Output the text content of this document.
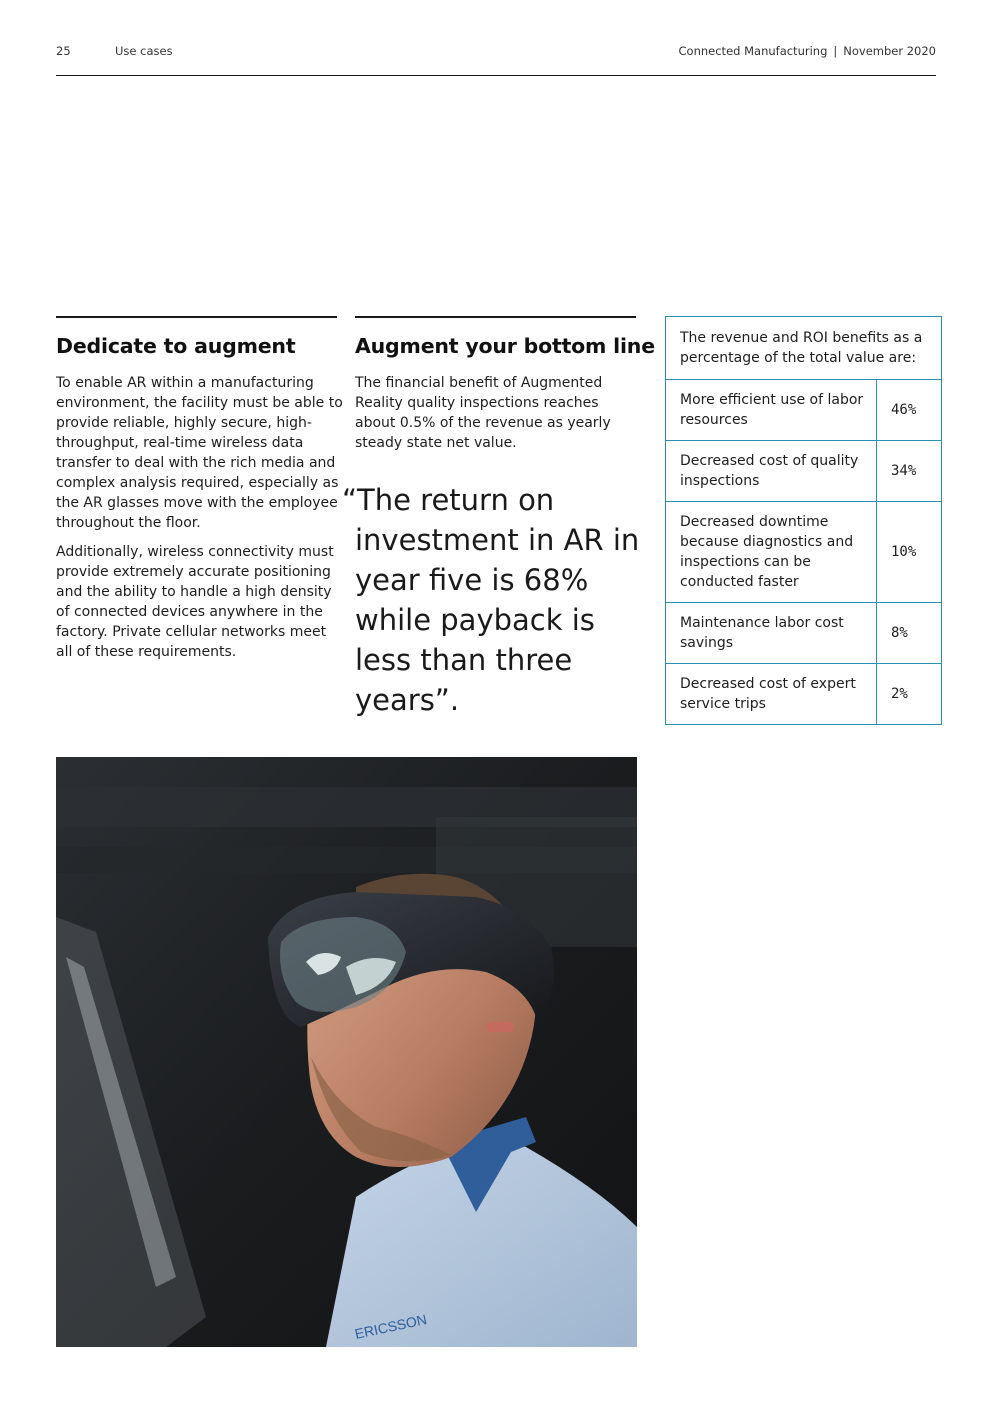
25	Use cases	Connected Manufacturing | November 2020
Dedicate to augment

To enable AR within a manufacturing environment, the facility must be able to provide reliable, highly secure, high-throughput, real-time wireless data transfer to deal with the rich media and complex analysis required, especially as the AR glasses move with the employee throughout the floor.

Additionally, wireless connectivity must provide extremely accurate positioning and the ability to handle a high density of connected devices anywhere in the factory. Private cellular networks meet all of these requirements.

Augment your bottom line

The financial benefit of Augmented Reality quality inspections reaches about 0.5% of the revenue as yearly steady state net value.

“The return on investment in AR in year five is 68% while payback is less than three years”.
The revenue and ROI benefits as a percentage of the total value are:
More efficient use of labor resources
46%
Decreased cost of quality inspections
34%
Decreased downtime because diagnostics and inspections can be conducted faster
10%
Maintenance labor cost savings
8%
Decreased cost of expert service trips
2%
ERICSSON
